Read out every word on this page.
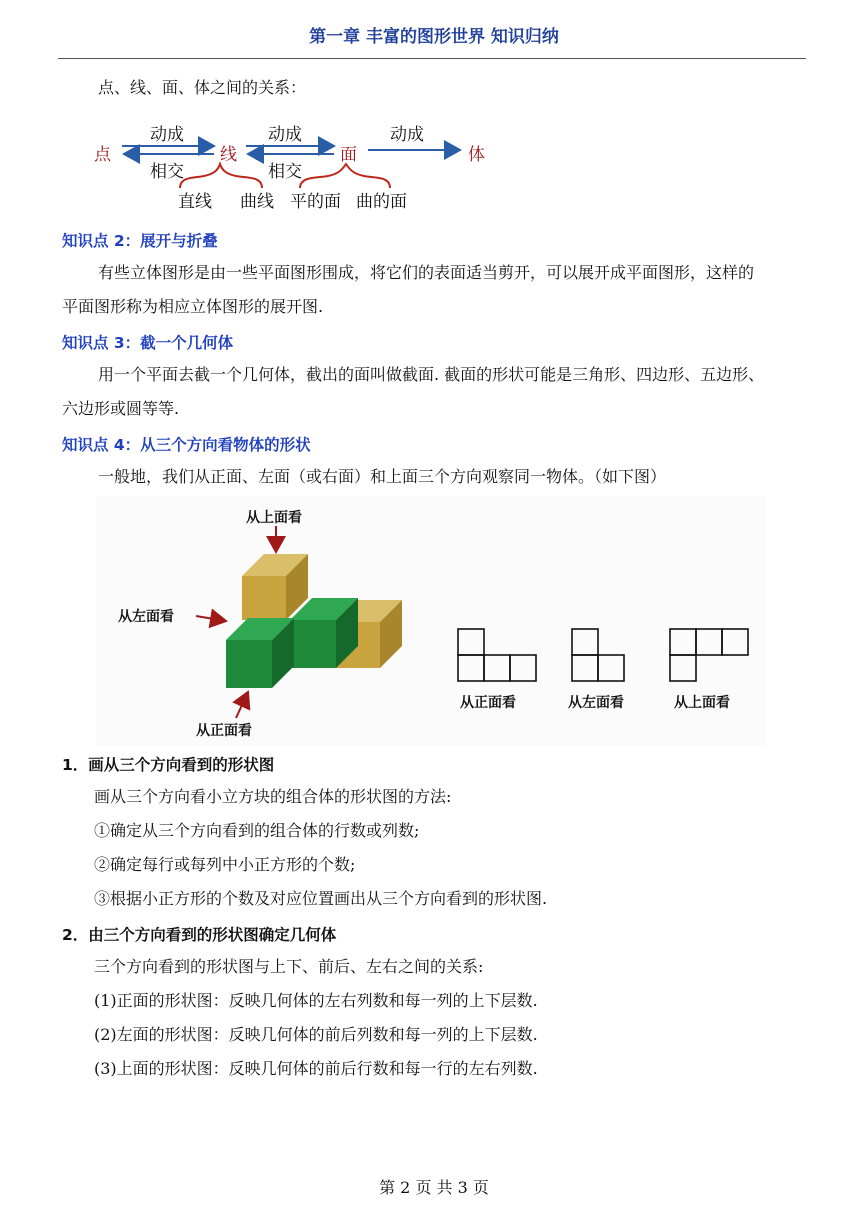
第一章 丰富的图形世界 知识归纳
点、线、面、体之间的关系：
点	线	面	体
动成
相交
动成
相交
动成
直线 曲线 平的面 曲的面
知识点 2：展开与折叠
有些立体图形是由一些平面图形围成，将它们的表面适当剪开，可以展开成平面图形，这样的
平面图形称为相应立体图形的展开图.
知识点 3：截一个几何体
用一个平面去截一个几何体，截出的面叫做截面. 截面的形状可能是三角形、四边形、五边形、
六边形或圆等等.
知识点 4：从三个方向看物体的形状
一般地，我们从正面、左面（或右面）和上面三个方向观察同一物体。（如下图）
从上面看
从左面看
从正面看
从正面看	从左面看	从上面看
1．画从三个方向看到的形状图
画从三个方向看小立方块的组合体的形状图的方法:
①确定从三个方向看到的组合体的行数或列数;
②确定每行或每列中小正方形的个数;
③根据小正方形的个数及对应位置画出从三个方向看到的形状图.
2．由三个方向看到的形状图确定几何体
三个方向看到的形状图与上下、前后、左右之间的关系:
(1)正面的形状图：反映几何体的左右列数和每一列的上下层数.
(2)左面的形状图：反映几何体的前后列数和每一列的上下层数.
(3)上面的形状图：反映几何体的前后行数和每一行的左右列数.
第 2 页 共 3 页
